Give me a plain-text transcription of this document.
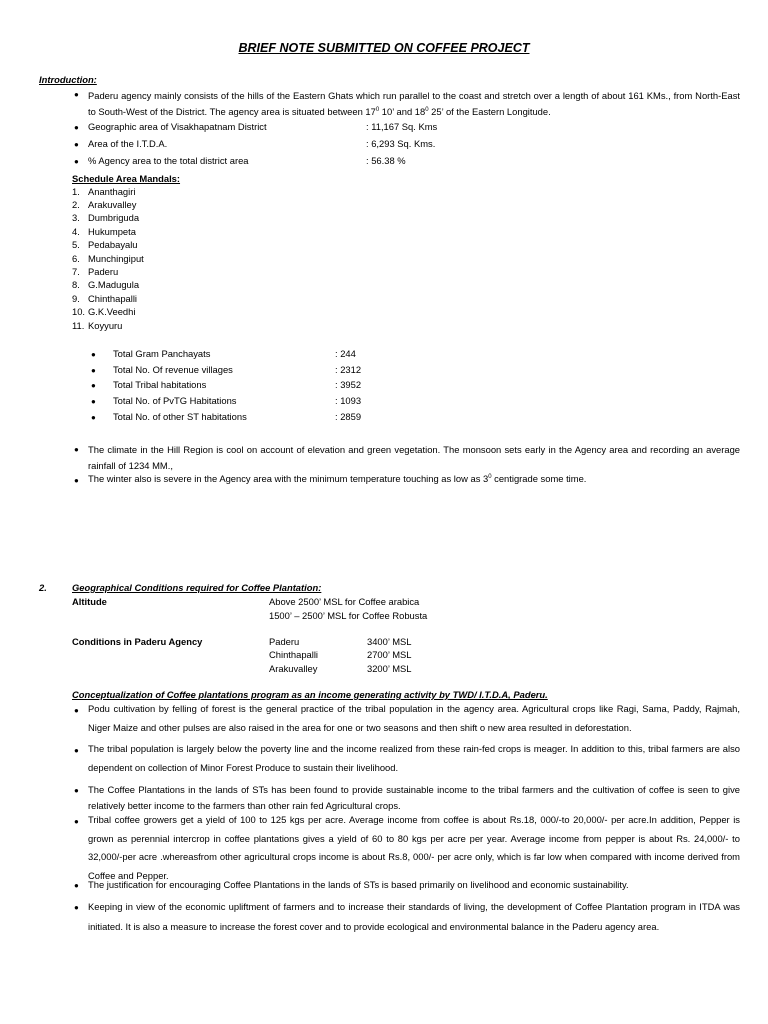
BRIEF NOTE SUBMITTED ON COFFEE PROJECT
Introduction:
● Paderu agency mainly consists of the hills of the Eastern Ghats which run parallel to the coast and stretch over a length of about 161 KMs., from North-East to South-West of the District. The agency area is situated between $17^0$ 10’ and $18^0$ 25’ of the Eastern Longitude.
● Geographic area of Visakhapatnam District	: 11,167 Sq. Kms
● Area of the I.T.D.A.	: 6,293 Sq. Kms.
● % Agency area to the total district area	: 56.38 %
Schedule Area Mandals:
1. Ananthagiri
2. Arakuvalley
3. Dumbriguda
4. Hukumpeta
5. Pedabayalu
6. Munchingiput
7. Paderu
8. G.Madugula
9. Chinthapalli
10. G.K.Veedhi
11. Koyyuru
● Total Gram Panchayats	: 244
● Total No. Of revenue villages	: 2312
● Total Tribal habitations	: 3952
● Total No. of PvTG Habitations	: 1093
● Total No. of other ST habitations	: 2859
● The climate in the Hill Region is cool on account of elevation and green vegetation. The monsoon sets early in the Agency area and recording an average rainfall of 1234 MM.,
● The winter also is severe in the Agency area with the minimum temperature touching as low as $3^0$ centigrade some time.
2.	Geographical Conditions required for Coffee Plantation:
Altitude	Above 2500’ MSL for Coffee arabica
1500’ – 2500’ MSL for Coffee Robusta
Conditions in Paderu Agency	Paderu	3400’ MSL
Chinthapalli	2700’ MSL
Arakuvalley	3200’ MSL
Conceptualization of Coffee plantations program as an income generating activity by TWD/ I.T.D.A, Paderu.
● Podu cultivation by felling of forest is the general practice of the tribal population in the agency area. Agricultural crops like Ragi, Sama, Paddy, Rajmah, Niger Maize and other pulses are also raised in the area for one or two seasons and then shift o new area resulted in deforestation.
● The tribal population is largely below the poverty line and the income realized from these rain-fed crops is meager. In addition to this, tribal farmers are also dependent on collection of Minor Forest Produce to sustain their livelihood.
● The Coffee Plantations in the lands of STs has been found to provide sustainable income to the tribal farmers and the cultivation of coffee is seen to give relatively better income to the farmers than other rain fed Agricultural crops.
● Tribal coffee growers get a yield of 100 to 125 kgs per acre. Average income from coffee is about Rs.18, 000/-to 20,000/- per acre.In addition, Pepper is grown as perennial intercrop in coffee plantations gives a yield of 60 to 80 kgs per acre per year. Average income from pepper is about Rs. 24,000/- to 32,000/-per acre .whereasfrom other agricultural crops income is about Rs.8, 000/- per acre only, which is far low when compared with income derived from Coffee and Pepper.
● The justification for encouraging Coffee Plantations in the lands of STs is based primarily on livelihood and economic sustainability.
● Keeping in view of the economic upliftment of farmers and to increase their standards of living, the development of Coffee Plantation program in ITDA was initiated. It is also a measure to increase the forest cover and to provide ecological and environmental balance in the Paderu agency area.
